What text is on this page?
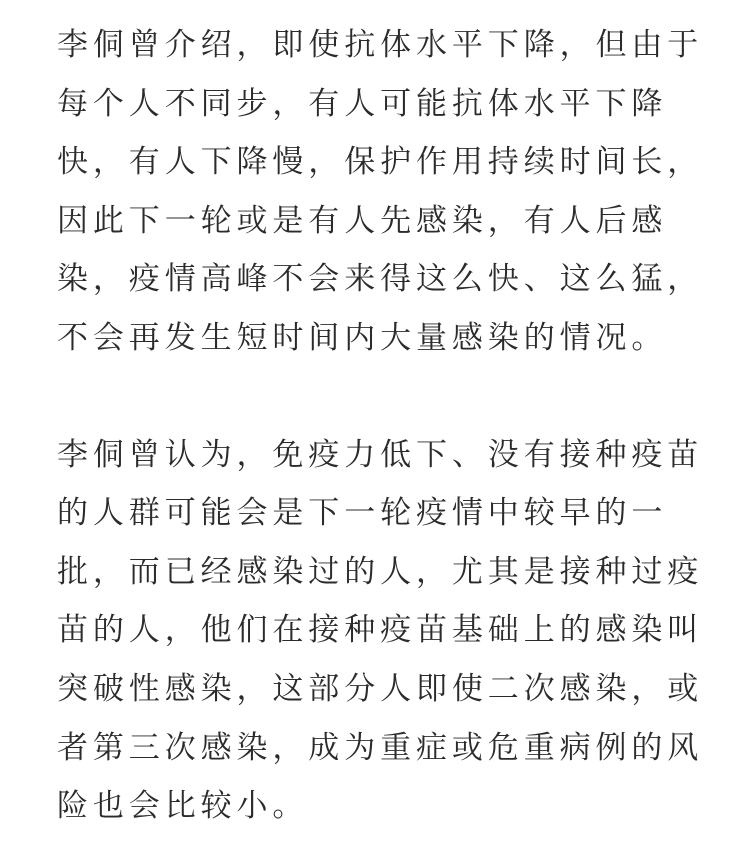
李侗曾介绍，即使抗体水平下降，但由于
每个人不同步，有人可能抗体水平下降
快，有人下降慢，保护作用持续时间长，
因此下一轮或是有人先感染，有人后感
染，疫情高峰不会来得这么快、这么猛，
不会再发生短时间内大量感染的情况。

李侗曾认为，免疫力低下、没有接种疫苗
的人群可能会是下一轮疫情中较早的一
批，而已经感染过的人，尤其是接种过疫
苗的人，他们在接种疫苗基础上的感染叫
突破性感染，这部分人即使二次感染，或
者第三次感染，成为重症或危重病例的风
险也会比较小。
